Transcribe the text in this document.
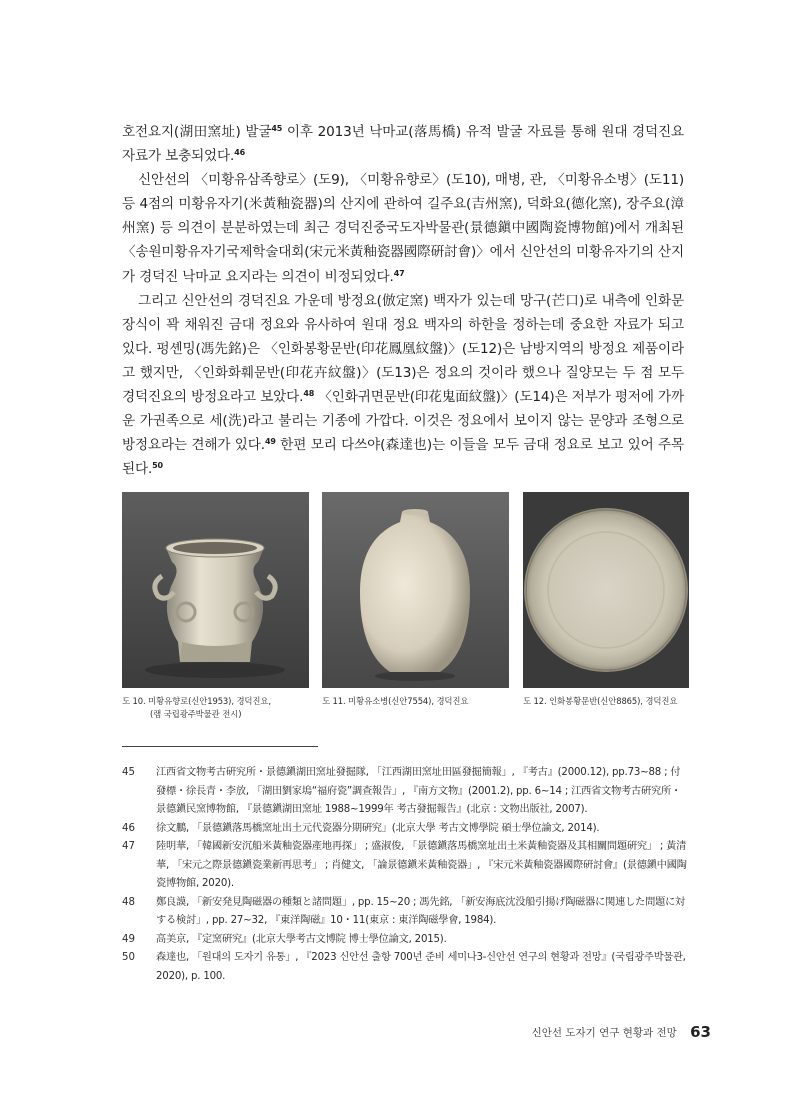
호전요지(湖田窯址) 발굴$^{45}$ 이후 2013년 낙마교(落馬橋) 유적 발굴 자료를 통해 원대 경덕진요 자료가 보충되었다.$^{46}$

신안선의 〈미황유삼족향로〉(도9), 〈미황유향로〉(도10), 매병, 관, 〈미황유소병〉(도11) 등 4점의 미황유자기(米黃釉瓷器)의 산지에 관하여 길주요(吉州窯), 덕화요(德化窯), 장주요(漳州窯) 등 의견이 분분하였는데 최근 경덕진중국도자박물관(景德鎭中國陶瓷博物館)에서 개최된 〈송원미황유자기국제학술대회(宋元米黃釉瓷器國際硏討會)〉에서 신안선의 미황유자기의 산지가 경덕진 낙마교 요지라는 의견이 비정되었다.$^{47}$

그리고 신안선의 경덕진요 가운데 방정요(倣定窯) 백자가 있는데 망구(芒口)로 내측에 인화문 장식이 꽉 채워진 금대 정요와 유사하여 원대 정요 백자의 하한을 정하는데 중요한 자료가 되고 있다. 펑셴밍(馮先銘)은 〈인화봉황문반(印花鳳凰紋盤)〉(도12)은 남방지역의 방정요 제품이라고 했지만, 〈인화화훼문반(印花卉紋盤)〉(도13)은 정요의 것이라 했으나 질양모는 두 점 모두 경덕진요의 방정요라고 보았다.$^{48}$ 〈인화귀면문반(印花鬼面紋盤)〉(도14)은 저부가 평저에 가까운 가권족으로 세(洗)라고 불리는 기종에 가깝다. 이것은 정요에서 보이지 않는 문양과 조형으로 방정요라는 견해가 있다.$^{49}$ 한편 모리 다쓰야(森達也)는 이들을 모두 금대 정요로 보고 있어 주목된다.$^{50}$

도 10. 미황유향로(신안1953), 경덕진요,
(램 국립광주박물관 전시)
도 11. 미황유소병(신안7554), 경덕진요	도 12. 인화봉황문반(신안8865), 경덕진요
45 江西省文物考古硏究所・景德鎭湖田窯址發掘隊, 「江西湖田窯址田區發掘簡報」, 『考古』(2000.12), pp.73~88 ; 付發標・徐長青・李放, 「湖田劉家塢“福府瓷”調查報告」, 『南方文物』(2001.2), pp. 6~14 ; 江西省文物考古硏究所・景德鎭民窯博物館, 『景德鎭湖田窯址 1988~1999年 考古發掘報告』(北京 : 文物出版社, 2007).
46 徐文鵬, 「景德鎭落馬橋窯址出土元代瓷器分期硏究」(北京大學 考古文博學院 碩士學位論文, 2014).
47 陸明華, 「韓國新安沉船米黃釉瓷器產地再探」 ; 盛淑俊, 「景德鎭落馬橋窯址出土米黃釉瓷器及其相關問題硏究」 ; 黃清華, 「宋元之際景德鎭瓷業新再思考」 ; 肖健文, 「論景德鎭米黃釉瓷器」, 『宋元米黃釉瓷器國際硏討會』(景德鎭中國陶瓷博物館, 2020).
48 鄭良謨, 「新安発見陶磁器の種類と諸問題」, pp. 15~20 ; 馮先銘, 「新安海底沈没船引揚げ陶磁器に関連した問題に対する検討」, pp. 27~32, 『東洋陶磁』10・11(東京 : 東洋陶磁學會, 1984).
49 高美京, 『定窯硏究』(北京大學考古文博院 博士學位論文, 2015).
50 森達也, 「원대의 도자기 유통」, 『2023 신안선 출항 700년 준비 세미나3-신안선 연구의 현황과 전망』(국립광주박물관, 2020), p. 100.
신안선 도자기 연구 현황과 전망 63
